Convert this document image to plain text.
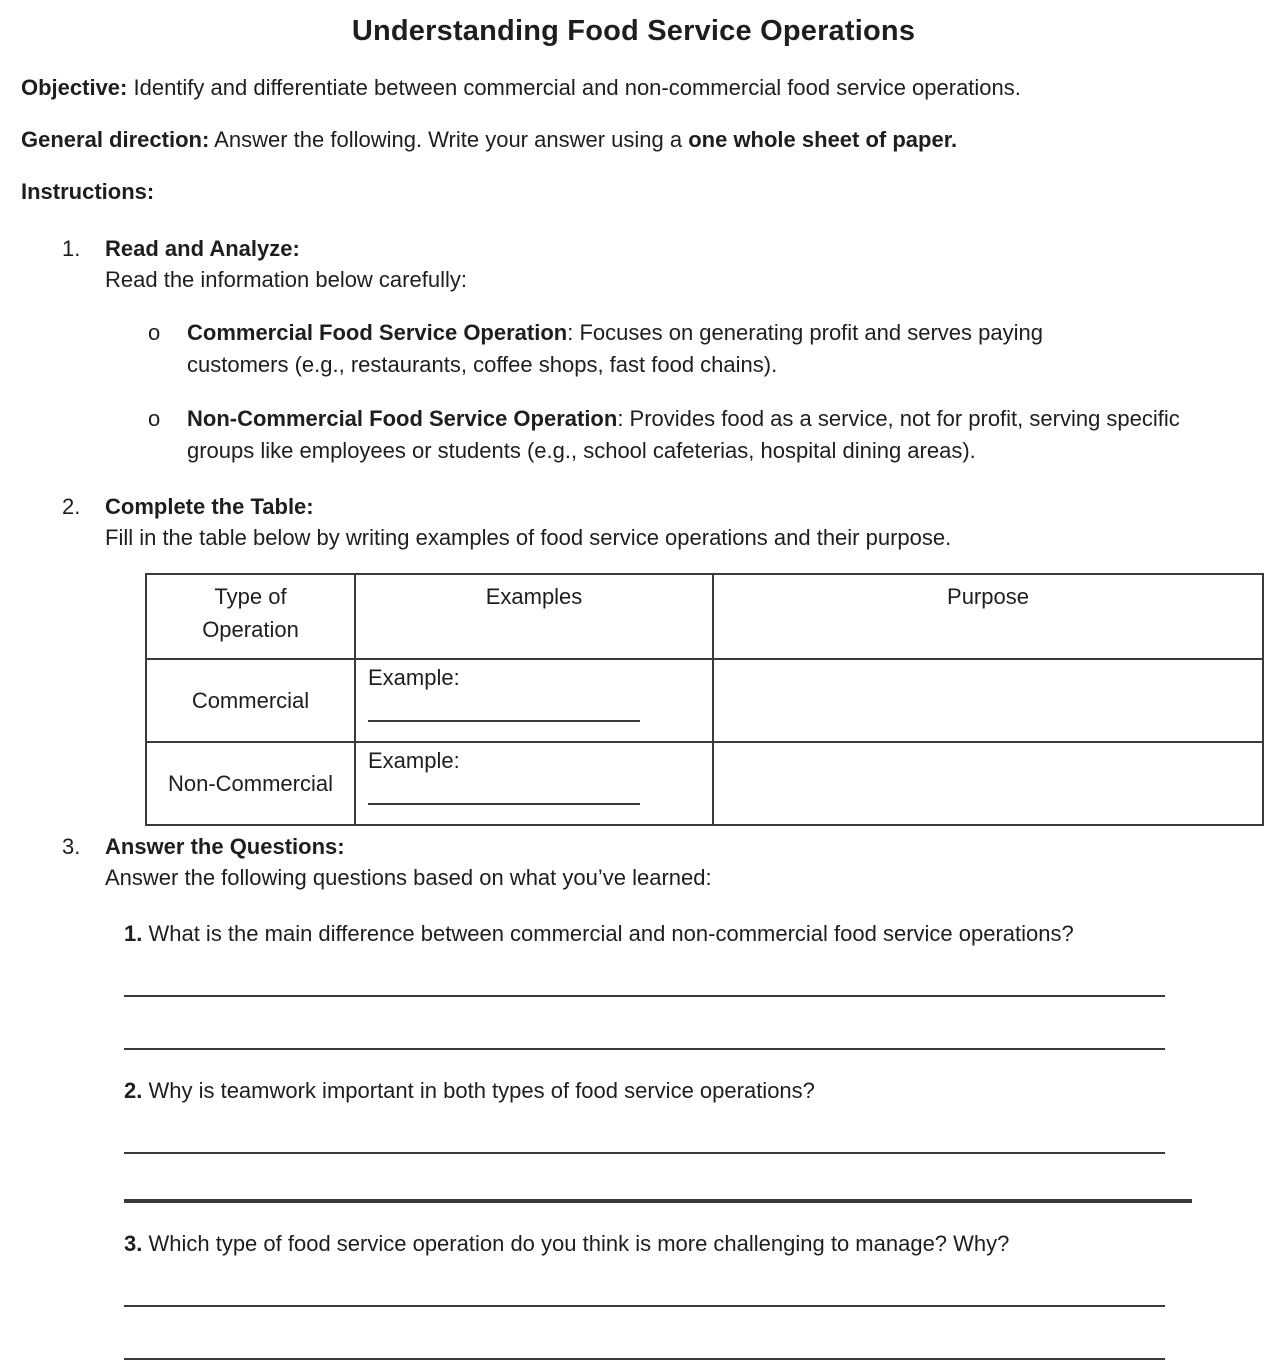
Understanding Food Service Operations

Objective: Identify and differentiate between commercial and non-commercial food service operations.

General direction: Answer the following. Write your answer using a one whole sheet of paper.

Instructions:

1.	Read and Analyze:
Read the information below carefully:
o	Commercial Food Service Operation: Focuses on generating profit and serves paying customers (e.g., restaurants, coffee shops, fast food chains).
o	Non-Commercial Food Service Operation: Provides food as a service, not for profit, serving specific groups like employees or students (e.g., school cafeterias, hospital dining areas).
2.	Complete the Table:
Fill in the table below by writing examples of food service operations and their purpose.
Type of Operation	Examples	Purpose
Commercial	Example:	

Non-Commercial	Example:	

3.	Answer the Questions:
Answer the following questions based on what you’ve learned:
1. What is the main difference between commercial and non-commercial food service operations?
2. Why is teamwork important in both types of food service operations?
3. Which type of food service operation do you think is more challenging to manage? Why?
